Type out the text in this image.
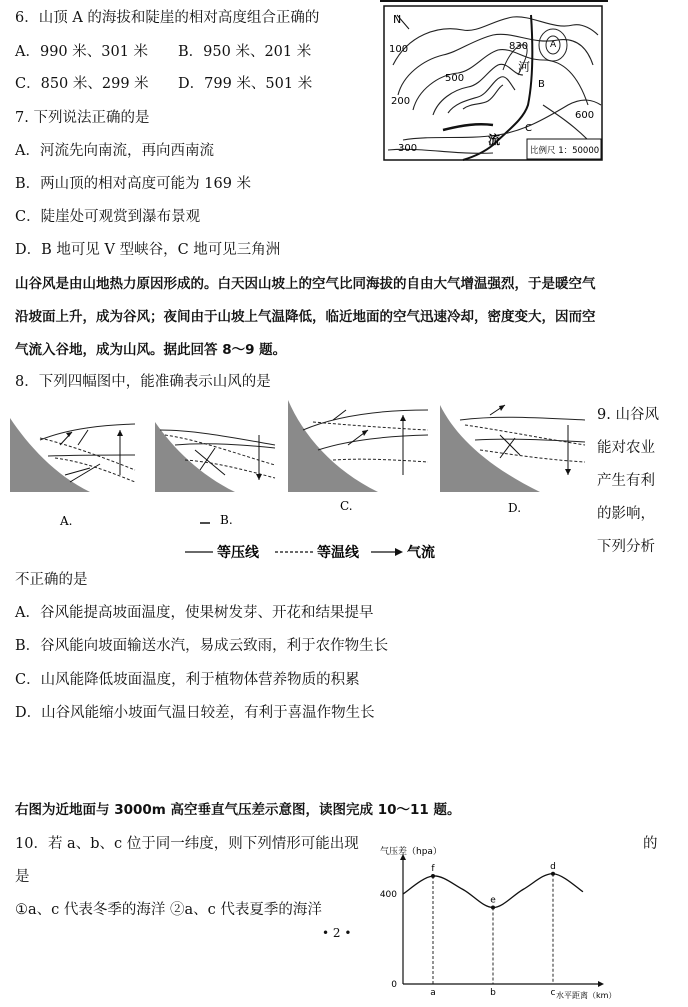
6．山顶 A 的海拔和陡崖的相对高度组合正确的
A．990 米、301 米 B．950 米、201 米
C．850 米、299 米 D．799 米、501 米
7. 下列说法正确的是
A．河流先向南流，再向西南流
B．两山顶的相对高度可能为 169 米
C．陡崖处可观赏到瀑布景观
D．B 地可见 V 型峡谷，C 地可见三角洲
N
100
200
300
500
600
830 A
B
C
河
流
比例尺 1：50000
山谷风是由山地热力原因形成的。白天因山坡上的空气比同海拔的自由大气增温强烈，于是暖空气
沿坡面上升，成为谷风；夜间由于山坡上气温降低，临近地面的空气迅速冷却，密度变大，因而空
气流入谷地，成为山风。据此回答 8～9 题。
8．下列四幅图中，能准确表示山风的是
A.	B.
C.	D.
等压线	等温线	气流
9. 山谷风
能对农业
产生有利
的影响，
下列分析
不正确的是
A．谷风能提高坡面温度，使果树发芽、开花和结果提早
B．谷风能向坡面输送水汽，易成云致雨，利于农作物生长
C．山风能降低坡面温度，利于植物体营养物质的积累
D．山谷风能缩小坡面气温日较差，有利于喜温作物生长
右图为近地面与 3000m 高空垂直气压差示意图，读图完成 10～11 题。
10．若 a、b、c 位于同一纬度，则下列情形可能出现	的
是
①a、c 代表冬季的海洋 ②a、c 代表夏季的海洋
气压差（hpa）
水平距离（km）
400
0
f
a
e
b
d
c
• 2 •
